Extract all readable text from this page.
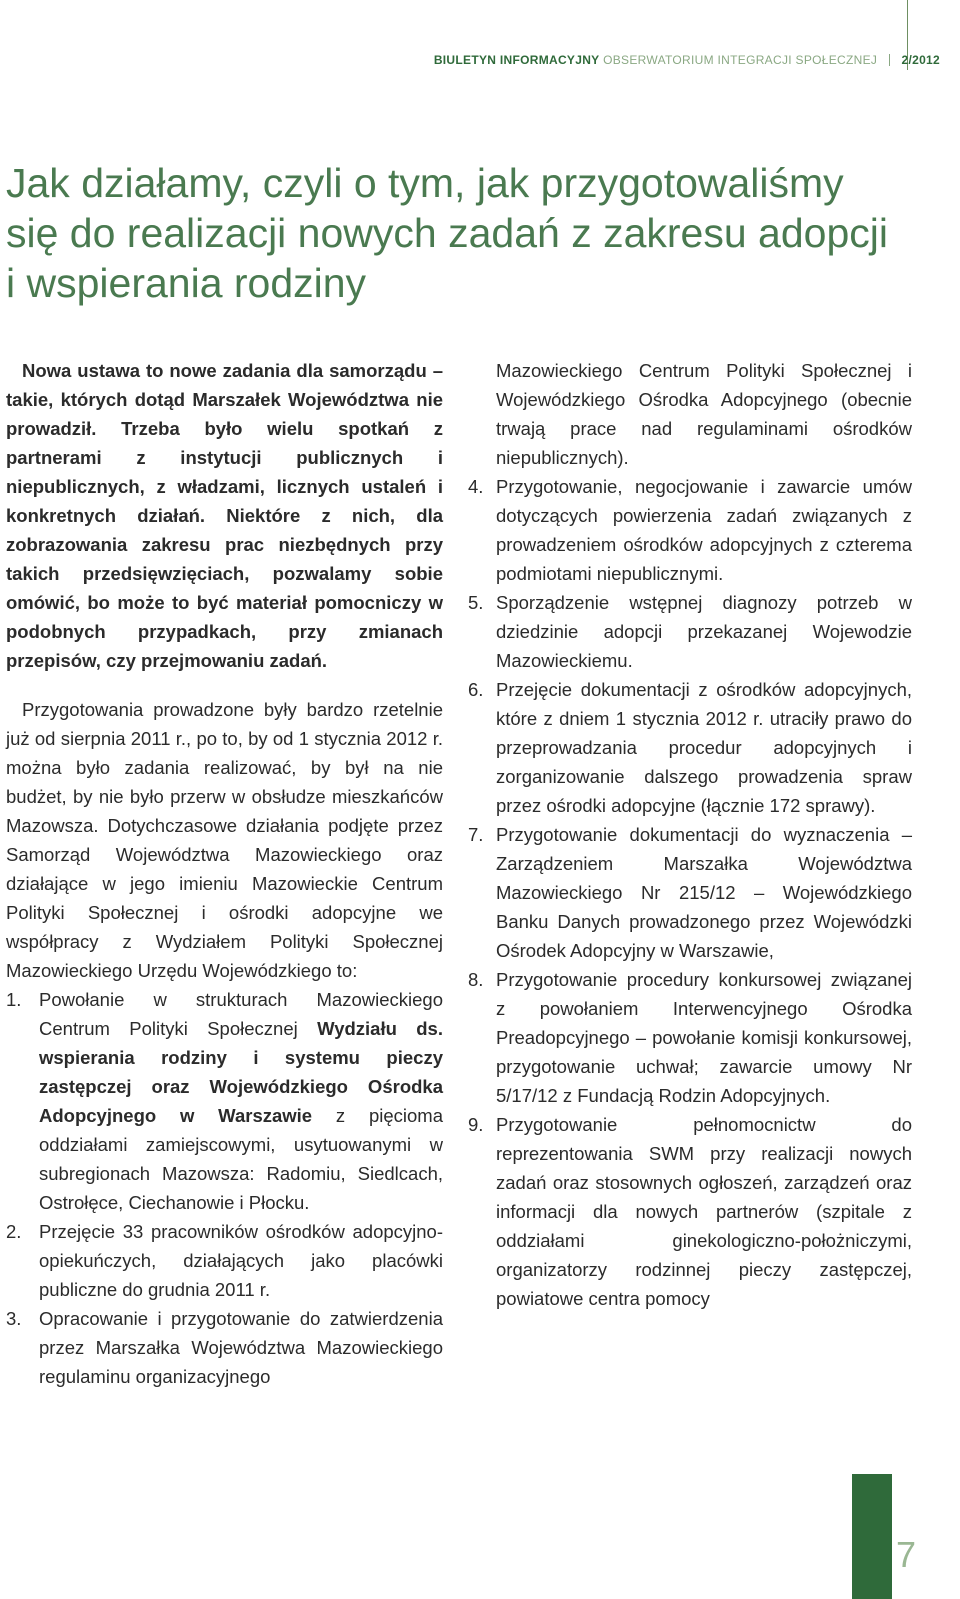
BIULETYN INFORMACYJNY OBSERWATORIUM INTEGRACJI SPOŁECZNEJ 2/2012
Jak działamy, czyli o tym, jak przygotowaliśmy się do realizacji nowych zadań z zakresu adopcji i wspierania rodziny

Nowa ustawa to nowe zadania dla samorządu – takie, których dotąd Marszałek Województwa nie prowadził. Trzeba było wielu spotkań z partnerami z instytucji publicznych i niepublicznych, z władzami, licznych ustaleń i konkretnych działań. Niektóre z nich, dla zobrazowania zakresu prac niezbędnych przy takich przedsięwzięciach, pozwalamy sobie omówić, bo może to być materiał pomocniczy w podobnych przypadkach, przy zmianach przepisów, czy przejmowaniu zadań.

Przygotowania prowadzone były bardzo rzetelnie już od sierpnia 2011 r., po to, by od 1 stycznia 2012 r. można było zadania realizować, by był na nie budżet, by nie było przerw w obsłudze mieszkańców Mazowsza. Dotychczasowe działania podjęte przez Samorząd Województwa Mazowieckiego oraz działające w jego imieniu Mazowieckie Centrum Polityki Społecznej i ośrodki adopcyjne we współpracy z Wydziałem Polityki Społecznej Mazowieckiego Urzędu Wojewódzkiego to:

1. Powołanie w strukturach Mazowieckiego Centrum Polityki Społecznej Wydziału ds. wspierania rodziny i systemu pieczy zastępczej oraz Wojewódzkiego Ośrodka Adopcyjnego w Warszawie z pięcioma oddziałami zamiejscowymi, usytuowanymi w subregionach Mazowsza: Radomiu, Siedlcach, Ostrołęce, Ciechanowie i Płocku.
2. Przejęcie 33 pracowników ośrodków adopcyjno-opiekuńczych, działających jako placówki publiczne do grudnia 2011 r.
3. Opracowanie i przygotowanie do zatwierdzenia przez Marszałka Województwa Mazowieckiego regulaminu organizacyjnego

Mazowieckiego Centrum Polityki Społecznej i Wojewódzkiego Ośrodka Adopcyjnego (obecnie trwają prace nad regulaminami ośrodków niepublicznych).

4. Przygotowanie, negocjowanie i zawarcie umów dotyczących powierzenia zadań związanych z prowadzeniem ośrodków adopcyjnych z czterema podmiotami niepublicznymi.
5. Sporządzenie wstępnej diagnozy potrzeb w dziedzinie adopcji przekazanej Wojewodzie Mazowieckiemu.
6. Przejęcie dokumentacji z ośrodków adopcyjnych, które z dniem 1 stycznia 2012 r. utraciły prawo do przeprowadzania procedur adopcyjnych i zorganizowanie dalszego prowadzenia spraw przez ośrodki adopcyjne (łącznie 172 sprawy).
7. Przygotowanie dokumentacji do wyznaczenia – Zarządzeniem Marszałka Województwa Mazowieckiego Nr 215/12 – Wojewódzkiego Banku Danych prowadzonego przez Wojewódzki Ośrodek Adopcyjny w Warszawie,
8. Przygotowanie procedury konkursowej związanej z powołaniem Interwencyjnego Ośrodka Preadopcyjnego – powołanie komisji konkursowej, przygotowanie uchwał; zawarcie umowy Nr 5/17/12 z Fundacją Rodzin Adopcyjnych.
9. Przygotowanie pełnomocnictw do reprezentowania SWM przy realizacji nowych zadań oraz stosownych ogłoszeń, zarządzeń oraz informacji dla nowych partnerów (szpitale z oddziałami ginekologiczno-położniczymi, organizatorzy rodzinnej pieczy zastępczej, powiatowe centra pomocy
7
